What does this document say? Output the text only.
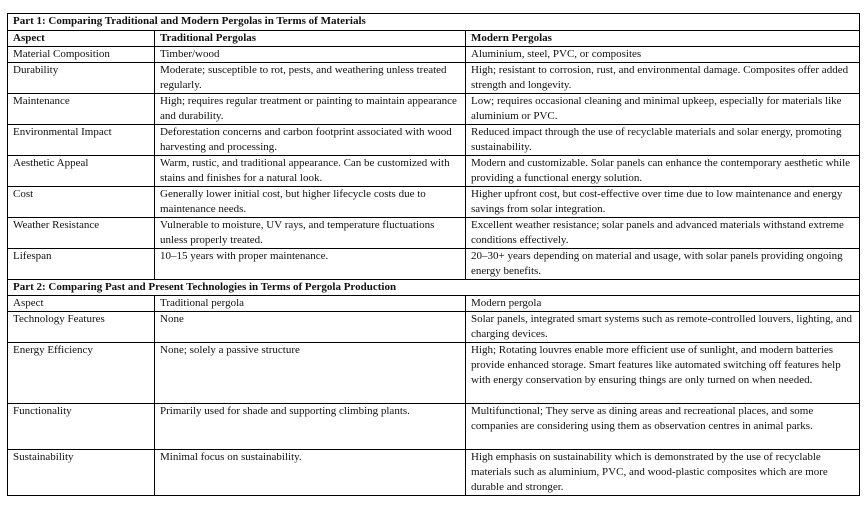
Part 1: Comparing Traditional and Modern Pergolas in Terms of Materials		
Aspect	Traditional Pergolas	Modern Pergolas
Material Composition	Timber/wood	Aluminium, steel, PVC, or composites
Durability	Moderate; susceptible to rot, pests, and weathering unless treated regularly.	High; resistant to corrosion, rust, and environmental damage. Composites offer added strength and longevity.
Maintenance	High; requires regular treatment or painting to maintain appearance and durability.	Low; requires occasional cleaning and minimal upkeep, especially for materials like aluminium or PVC.
Environmental Impact	Deforestation concerns and carbon footprint associated with wood harvesting and processing.	Reduced impact through the use of recyclable materials and solar energy, promoting sustainability.
Aesthetic Appeal	Warm, rustic, and traditional appearance. Can be customized with stains and finishes for a natural look.	Modern and customizable. Solar panels can enhance the contemporary aesthetic while providing a functional energy solution.
Cost	Generally lower initial cost, but higher lifecycle costs due to maintenance needs.	Higher upfront cost, but cost-effective over time due to low maintenance and energy savings from solar integration.
Weather Resistance	Vulnerable to moisture, UV rays, and temperature fluctuations unless properly treated.	Excellent weather resistance; solar panels and advanced materials withstand extreme conditions effectively.
Lifespan	10–15 years with proper maintenance.	20–30+ years depending on material and usage, with solar panels providing ongoing energy benefits.
Part 2: Comparing Past and Present Technologies in Terms of Pergola Production		
Aspect	Traditional pergola	Modern pergola
Technology Features	None	Solar panels, integrated smart systems such as remote-controlled louvers, lighting, and charging devices.
Energy Efficiency	None; solely a passive structure	High; Rotating louvres enable more efficient use of sunlight, and modern batteries provide enhanced storage. Smart features like automated switching off features help with energy conservation by ensuring things are only turned on when needed.
Functionality	Primarily used for shade and supporting climbing plants.	Multifunctional; They serve as dining areas and recreational places, and some companies are considering using them as observation centres in animal parks.
Sustainability	Minimal focus on sustainability.	High emphasis on sustainability which is demonstrated by the use of recyclable materials such as aluminium, PVC, and wood-plastic composites which are more durable and stronger.
